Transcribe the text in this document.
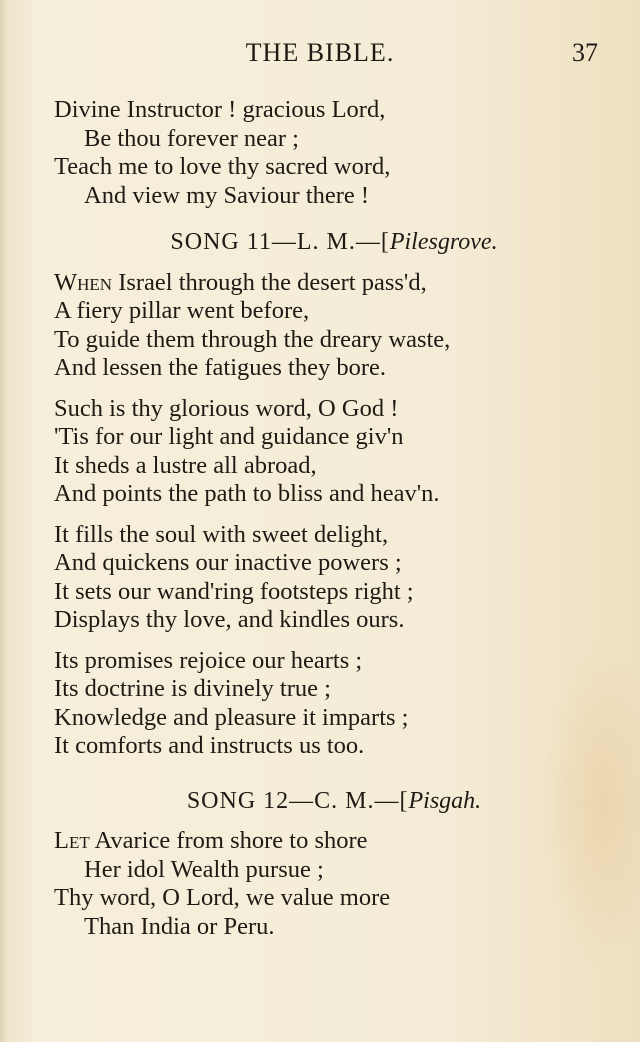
THE BIBLE.	37
Divine Instructor ! gracious Lord,
Be thou forever near ;
Teach me to love thy sacred word,
And view my Saviour there !
SONG 11—L. M.—[Pilesgrove.
When Israel through the desert pass'd,
A fiery pillar went before,
To guide them through the dreary waste,
And lessen the fatigues they bore.
Such is thy glorious word, O God !
'Tis for our light and guidance giv'n
It sheds a lustre all abroad,
And points the path to bliss and heav'n.
It fills the soul with sweet delight,
And quickens our inactive powers ;
It sets our wand'ring footsteps right ;
Displays thy love, and kindles ours.
Its promises rejoice our hearts ;
Its doctrine is divinely true ;
Knowledge and pleasure it imparts ;
It comforts and instructs us too.
SONG 12—C. M.—[Pisgah.
Let Avarice from shore to shore
Her idol Wealth pursue ;
Thy word, O Lord, we value more
Than India or Peru.
